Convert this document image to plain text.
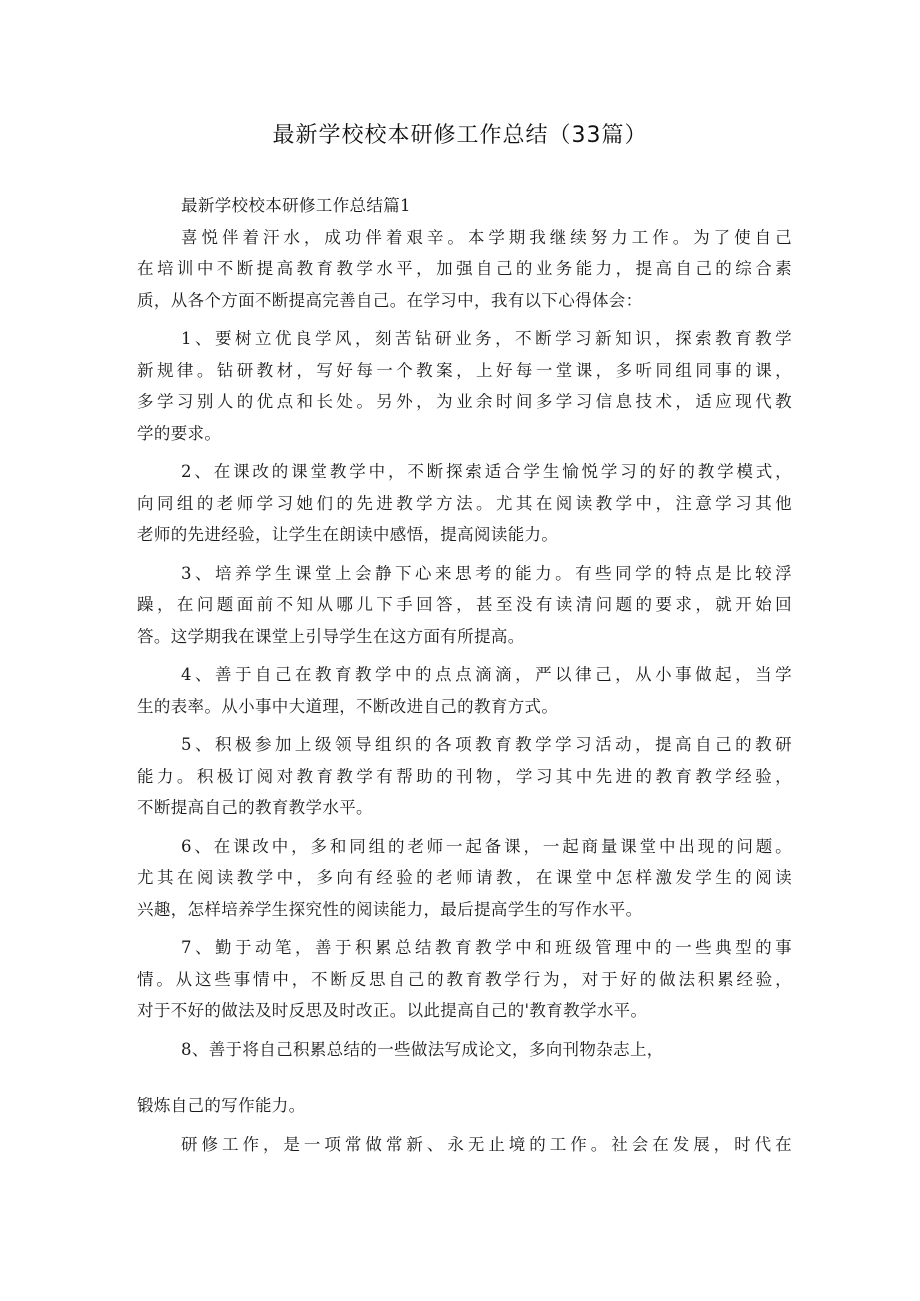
最新学校校本研修工作总结（33篇）
最新学校校本研修工作总结篇1
喜悦伴着汗水，成功伴着艰辛。本学期我继续努力工作。为了使自己
在培训中不断提高教育教学水平，加强自己的业务能力，提高自己的综合素
质，从各个方面不断提高完善自己。在学习中，我有以下心得体会：
1、要树立优良学风，刻苦钻研业务，不断学习新知识，探索教育教学
新规律。钻研教材，写好每一个教案，上好每一堂课，多听同组同事的课，
多学习别人的优点和长处。另外，为业余时间多学习信息技术，适应现代教
学的要求。
2、在课改的课堂教学中，不断探索适合学生愉悦学习的好的教学模式，
向同组的老师学习她们的先进教学方法。尤其在阅读教学中，注意学习其他
老师的先进经验，让学生在朗读中感悟，提高阅读能力。
3、培养学生课堂上会静下心来思考的能力。有些同学的特点是比较浮
躁，在问题面前不知从哪儿下手回答，甚至没有读清问题的要求，就开始回
答。这学期我在课堂上引导学生在这方面有所提高。
4、善于自己在教育教学中的点点滴滴，严以律己，从小事做起，当学
生的表率。从小事中大道理，不断改进自己的教育方式。
5、积极参加上级领导组织的各项教育教学学习活动，提高自己的教研
能力。积极订阅对教育教学有帮助的刊物，学习其中先进的教育教学经验，
不断提高自己的教育教学水平。
6、在课改中，多和同组的老师一起备课，一起商量课堂中出现的问题。
尤其在阅读教学中，多向有经验的老师请教，在课堂中怎样激发学生的阅读
兴趣，怎样培养学生探究性的阅读能力，最后提高学生的写作水平。
7、勤于动笔，善于积累总结教育教学中和班级管理中的一些典型的事
情。从这些事情中，不断反思自己的教育教学行为，对于好的做法积累经验，
对于不好的做法及时反思及时改正。以此提高自己的'教育教学水平。
8、善于将自己积累总结的一些做法写成论文，多向刊物杂志上，
锻炼自己的写作能力。
研修工作，是一项常做常新、永无止境的工作。社会在发展，时代在
